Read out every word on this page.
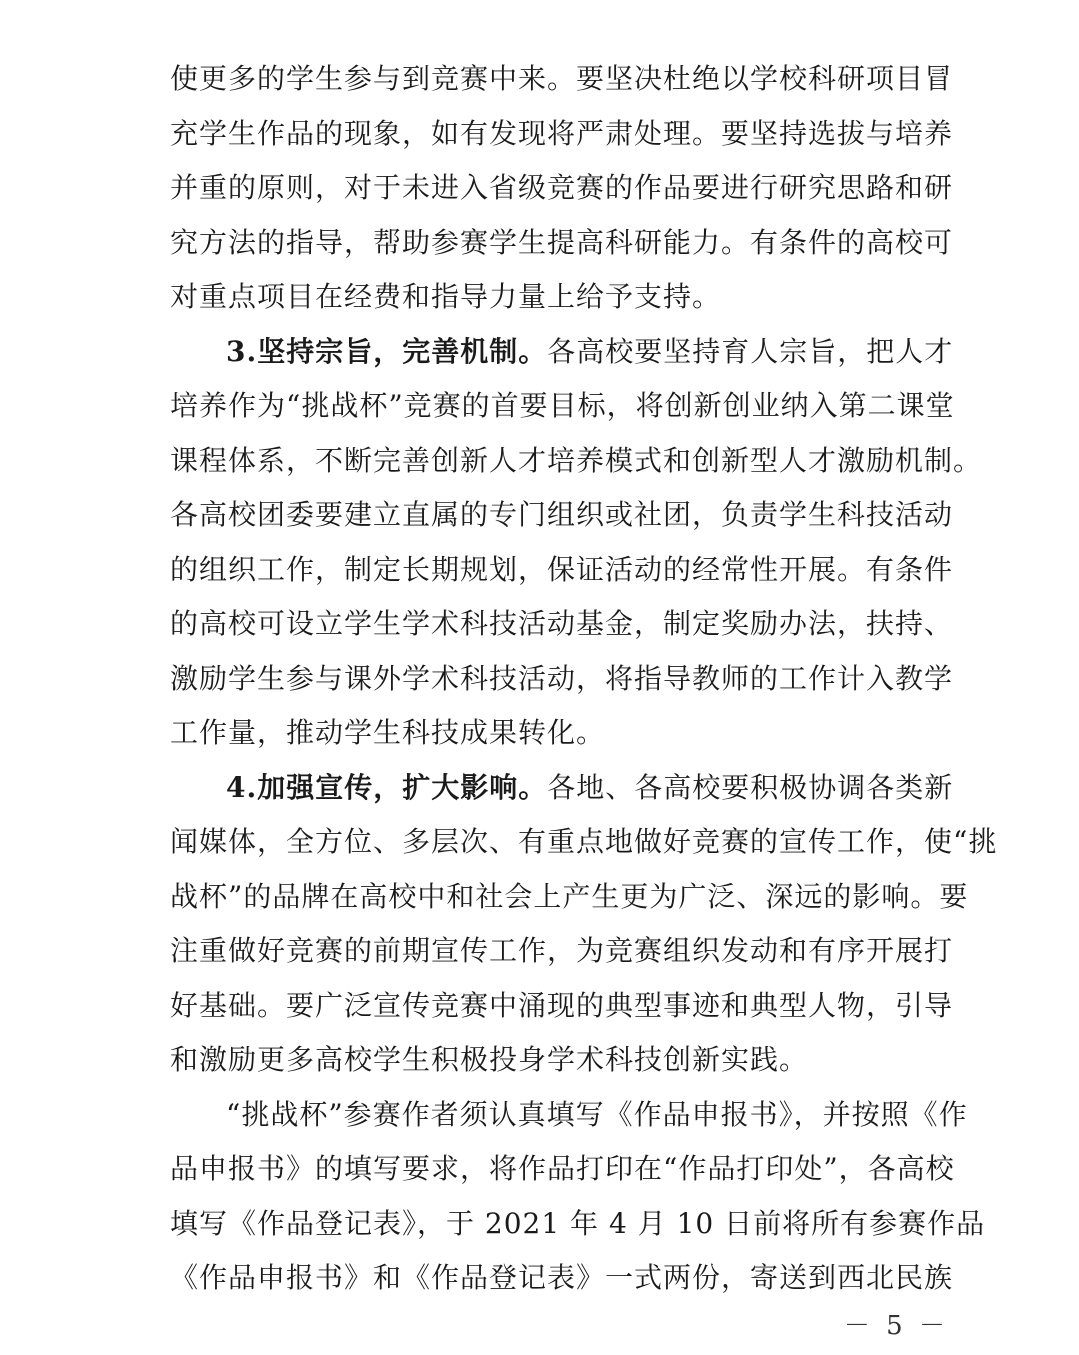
使更多的学生参与到竞赛中来。要坚决杜绝以学校科研项目冒
充学生作品的现象，如有发现将严肃处理。要坚持选拔与培养
并重的原则，对于未进入省级竞赛的作品要进行研究思路和研
究方法的指导，帮助参赛学生提高科研能力。有条件的高校可
对重点项目在经费和指导力量上给予支持。
3.坚持宗旨，完善机制。各高校要坚持育人宗旨，把人才
培养作为“挑战杯”竞赛的首要目标，将创新创业纳入第二课堂
课程体系，不断完善创新人才培养模式和创新型人才激励机制。
各高校团委要建立直属的专门组织或社团，负责学生科技活动
的组织工作，制定长期规划，保证活动的经常性开展。有条件
的高校可设立学生学术科技活动基金，制定奖励办法，扶持、
激励学生参与课外学术科技活动，将指导教师的工作计入教学
工作量，推动学生科技成果转化。
4.加强宣传，扩大影响。各地、各高校要积极协调各类新
闻媒体，全方位、多层次、有重点地做好竞赛的宣传工作，使“挑
战杯”的品牌在高校中和社会上产生更为广泛、深远的影响。要
注重做好竞赛的前期宣传工作，为竞赛组织发动和有序开展打
好基础。要广泛宣传竞赛中涌现的典型事迹和典型人物，引导
和激励更多高校学生积极投身学术科技创新实践。
“挑战杯”参赛作者须认真填写《作品申报书》，并按照《作
品申报书》的填写要求，将作品打印在“作品打印处”，各高校
填写《作品登记表》，于 2021 年 4 月 10 日前将所有参赛作品
《作品申报书》和《作品登记表》一式两份，寄送到西北民族
－ 5 －
